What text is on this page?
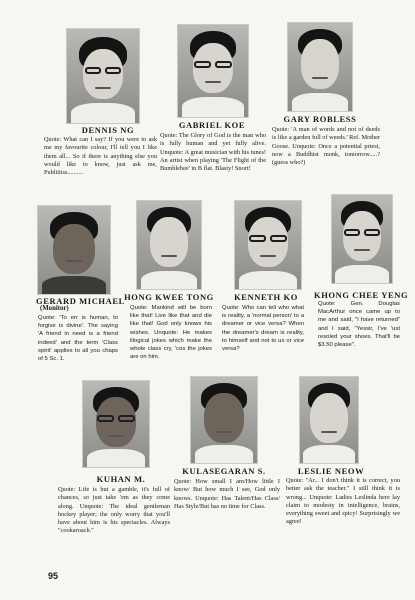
DENNIS NG

Quote: What can I say? If you were to ask me my favourite colour, I'll tell you I like them all... So if there is anything else you would like to know, just ask me, Publiiiiss..........

GABRIEL KOE

Quote: The Glory of God is the man who is fully human and yet fully alive. Unquote: A great musician with his tunes! An artist when playing 'The Flight of the Bumblebee' in B flat. Blasty! Snort!

GARY ROBLESS

Quote: 'A man of words and not of deeds is like a garden full of weeds.' Ref. Mother Goose. Unquote: Once a potential priest, now a Buddhist monk, tomorrow.....? (guess who?)

GERARD MICHAEL
(Monitor)

Quote: 'To err is human, to forgive is divine'. The saying 'A friend in need is a friend indeed' and the term 'Class spirit' applies to all you chaps of 5 Sc. 1.

HONG KWEE TONG

Quote: Mankind will be born like that! Live like that and die like that! God only knows his wishes. Unquote: He makes illogical jokes which make the whole class cry, 'cos the jokes are on him.

KENNETH KO

Quote: Who can tell who what is reality, a 'normal person' to a dreamer or vice versa? When the dreamer's dream is reality, to himself and not to us or vice versa?

KHONG CHEE YENG

Quote: Gen. Douglas MacArthur once came up to me and said, "I have returned" and I said, "Yessir, I've 'ust resoled your shoes. That'll be $3.50 please".

KUHAN M.

Quote: Life is but a gamble, it's full of chances, so just take 'em as they come along. Unquote: The ideal gentleman hockey player; the only worry that you'll have about him is his spectacles. Always "cookaroach."

KULASEGARAN S.

Quote: How small I am/How little I know/ But how much I see, God only knows. Unquote: Has Talent/Has Class/ Has Style/But has no time for Class.

LESLIE NEOW

Quote: "Ar... I don't think it is correct, you better ask the teacher." I still think it is wrong... Unquote: Ladies Leslinda here lay claim to modesty in intelligence, brains, everything sweet and spicy! Surprisingly we agree!

95
